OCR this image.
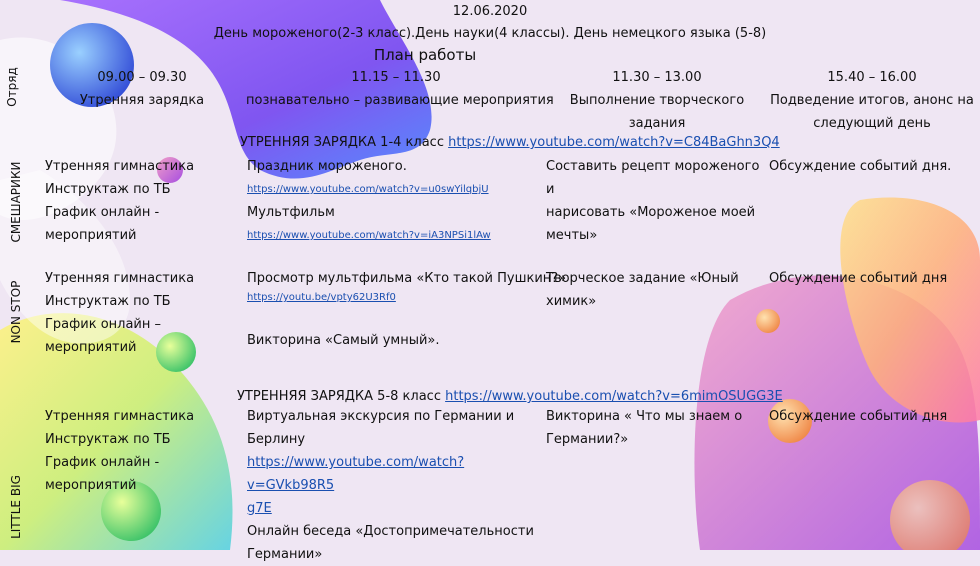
12.06.2020
День мороженого(2-3 класс).День науки(4 классы). День немецкого языка (5-8)
План работы
Отряд	09.00 – 09.30
Утренняя зарядка
11.15 – 11.30
познавательно – развивающие мероприятия
11.30 – 13.00
Выполнение творческого
задания
15.40 – 16.00
Подведение итогов, анонс на
следующий день
УТРЕННЯЯ ЗАРЯДКА 1-4 класс https://www.youtube.com/watch?v=C84BaGhn3Q4
СМЕШАРИКИ Утренняя гимнастика
Инструктаж по ТБ
График онлайн - мероприятий
Праздник мороженого.
https://www.youtube.com/watch?v=u0swYilqbjU
Мультфильм
https://www.youtube.com/watch?v=iA3NPSi1lAw
Составить рецепт мороженого и
нарисовать «Мороженое моей
мечты»
Обсуждение событий дня.
NON STOP
Утренняя гимнастика
Инструктаж по ТБ
График онлайн – мероприятий
Просмотр мультфильма «Кто такой Пушкин?»
https://youtu.be/vpty62U3Rf0
Викторина «Самый умный».
Творческое задание «Юный
химик»
Обсуждение событий дня
УТРЕННЯЯ ЗАРЯДКА 5-8 класс https://www.youtube.com/watch?v=6mimOSUGG3E
LITTLE BIG
Утренняя гимнастика
Инструктаж по ТБ
График онлайн - мероприятий
Виртуальная экскурсия по Германии и
Берлину
https://www.youtube.com/watch?v=GVkb98R5
g7E
Онлайн беседа «Достопримечательности
Германии»
Викторина « Что мы знаем о
Германии?»
Обсуждение событий дня
